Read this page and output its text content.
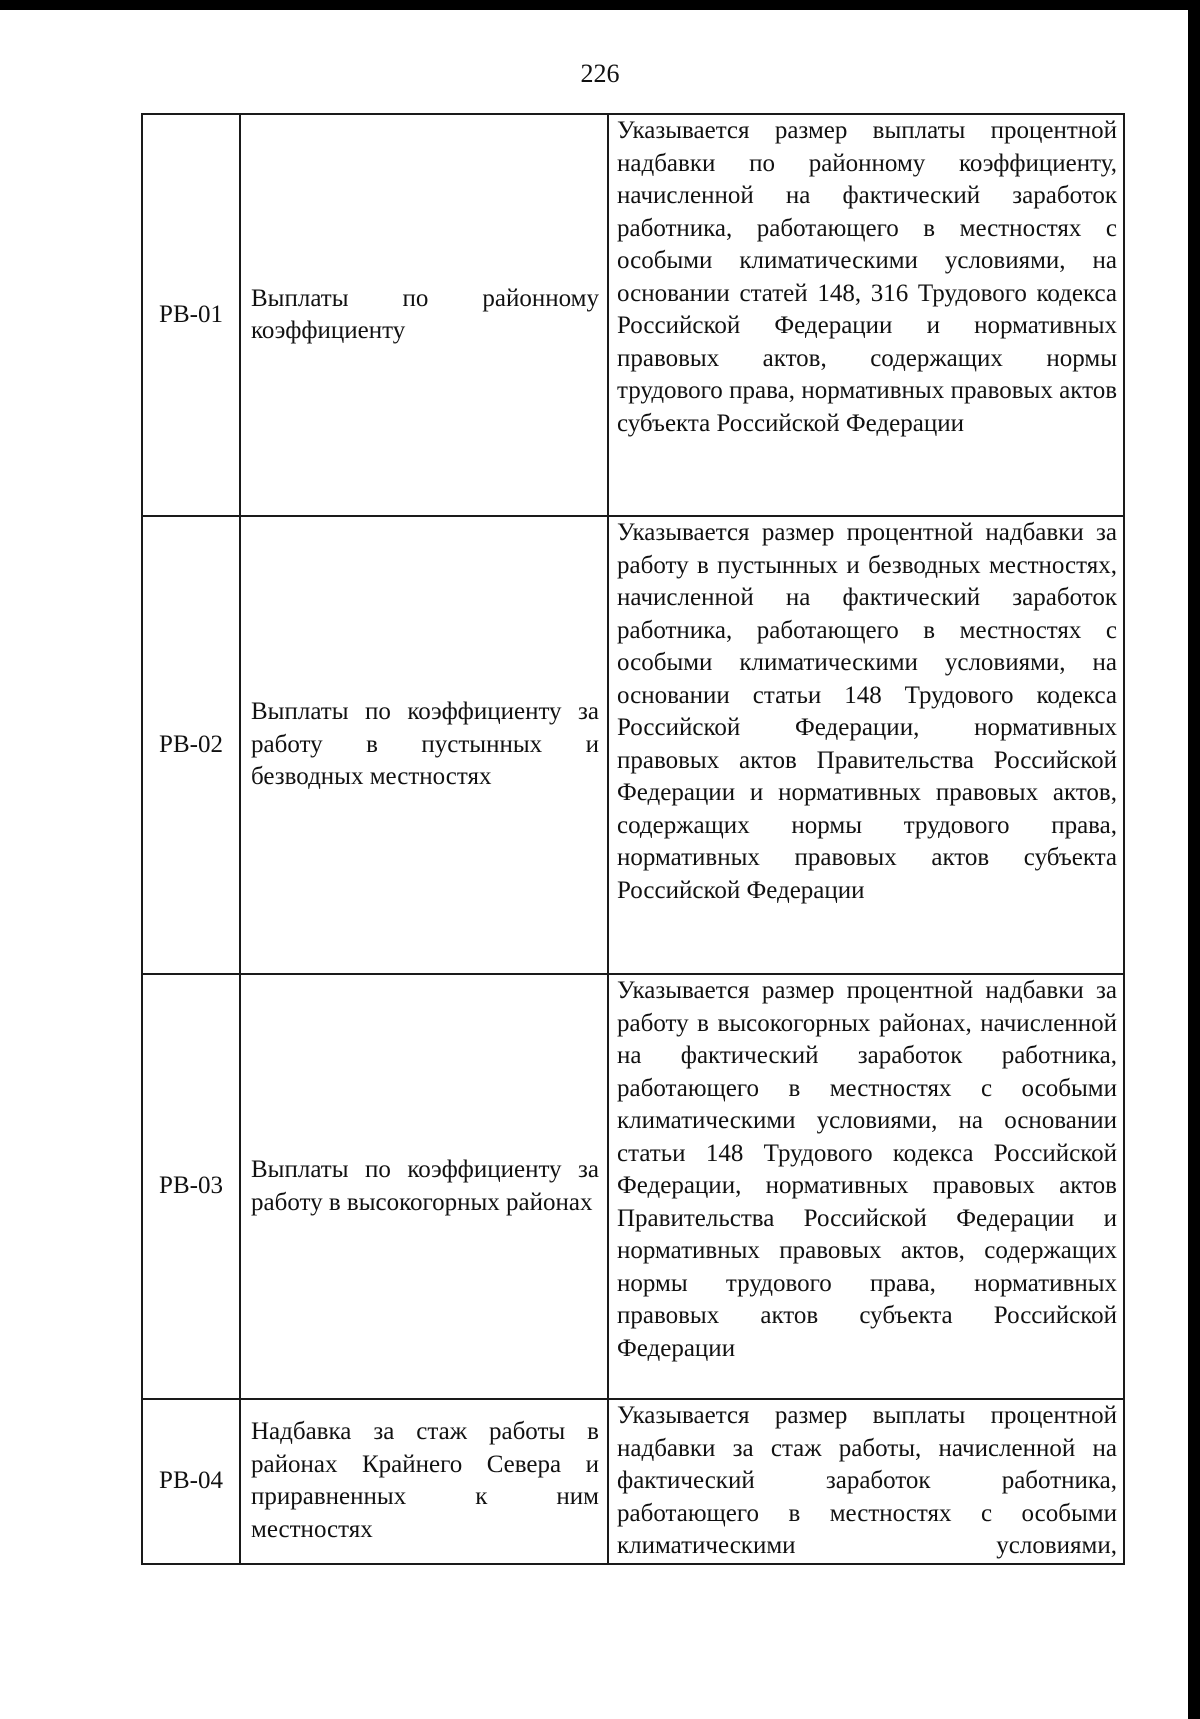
226
РВ-01	Выплаты по районному коэффициенту	Указывается размер выплаты процентной надбавки по районному коэффициенту, начисленной на фактический заработок работника, работающего в местностях с особыми климатическими условиями, на основании статей 148, 316 Трудового кодекса Российской Федерации и нормативных правовых актов, содержащих нормы трудового права, нормативных правовых актов субъекта Российской Федерации
РВ-02	Выплаты по коэффициенту за работу в пустынных и безводных местностях	Указывается размер процентной надбавки за работу в пустынных и безводных местностях, начисленной на фактический заработок работника, работающего в местностях с особыми климатическими условиями, на основании статьи 148 Трудового кодекса Российской Федерации, нормативных правовых актов Правительства Российской Федерации и нормативных правовых актов, содержащих нормы трудового права, нормативных правовых актов субъекта Российской Федерации
РВ-03	Выплаты по коэффициенту за работу в высокогорных районах	Указывается размер процентной надбавки за работу в высокогорных районах, начисленной на фактический заработок работника, работающего в местностях с особыми климатическими условиями, на основании статьи 148 Трудового кодекса Российской Федерации, нормативных правовых актов Правительства Российской Федерации и нормативных правовых актов, содержащих нормы трудового права, нормативных правовых актов субъекта Российской Федерации
РВ-04	Надбавка за стаж работы в районах Крайнего Севера и приравненных к ним местностях	Указывается размер выплаты процентной надбавки за стаж работы, начисленной на фактический заработок работника, работающего в местностях с особыми климатическими условиями,
